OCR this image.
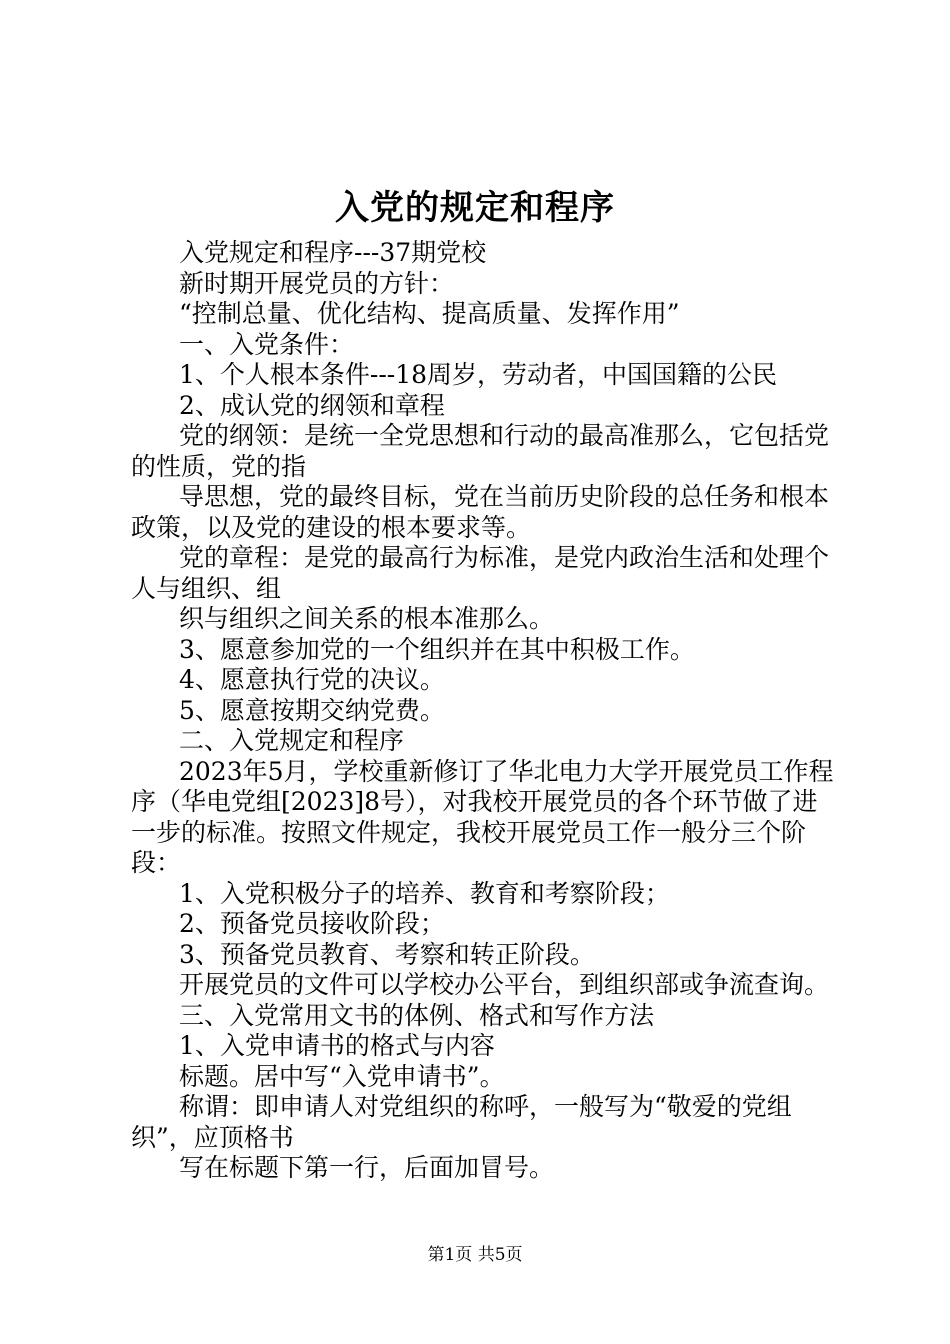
入党的规定和程序

入党规定和程序---37期党校

新时期开展党员的方针：

“控制总量、优化结构、提高质量、发挥作用”

一、入党条件：

1、个人根本条件---18周岁，劳动者，中国国籍的公民

2、成认党的纲领和章程

党的纲领：是统一全党思想和行动的最高准那么，它包括党的性质，党的指

导思想，党的最终目标，党在当前历史阶段的总任务和根本政策，以及党的建设的根本要求等。

党的章程：是党的最高行为标准，是党内政治生活和处理个人与组织、组

织与组织之间关系的根本准那么。

3、愿意参加党的一个组织并在其中积极工作。

4、愿意执行党的决议。

5、愿意按期交纳党费。

二、入党规定和程序

2023年5月，学校重新修订了华北电力大学开展党员工作程序（华电党组[2023]8号），对我校开展党员的各个环节做了进一步的标准。按照文件规定，我校开展党员工作一般分三个阶段：

1、入党积极分子的培养、教育和考察阶段；

2、预备党员接收阶段；

3、预备党员教育、考察和转正阶段。

开展党员的文件可以学校办公平台，到组织部或争流查询。

三、入党常用文书的体例、格式和写作方法

1、入党申请书的格式与内容

标题。居中写“入党申请书”。

称谓：即申请人对党组织的称呼，一般写为“敬爱的党组织”，应顶格书

写在标题下第一行，后面加冒号。

第1页 共5页
